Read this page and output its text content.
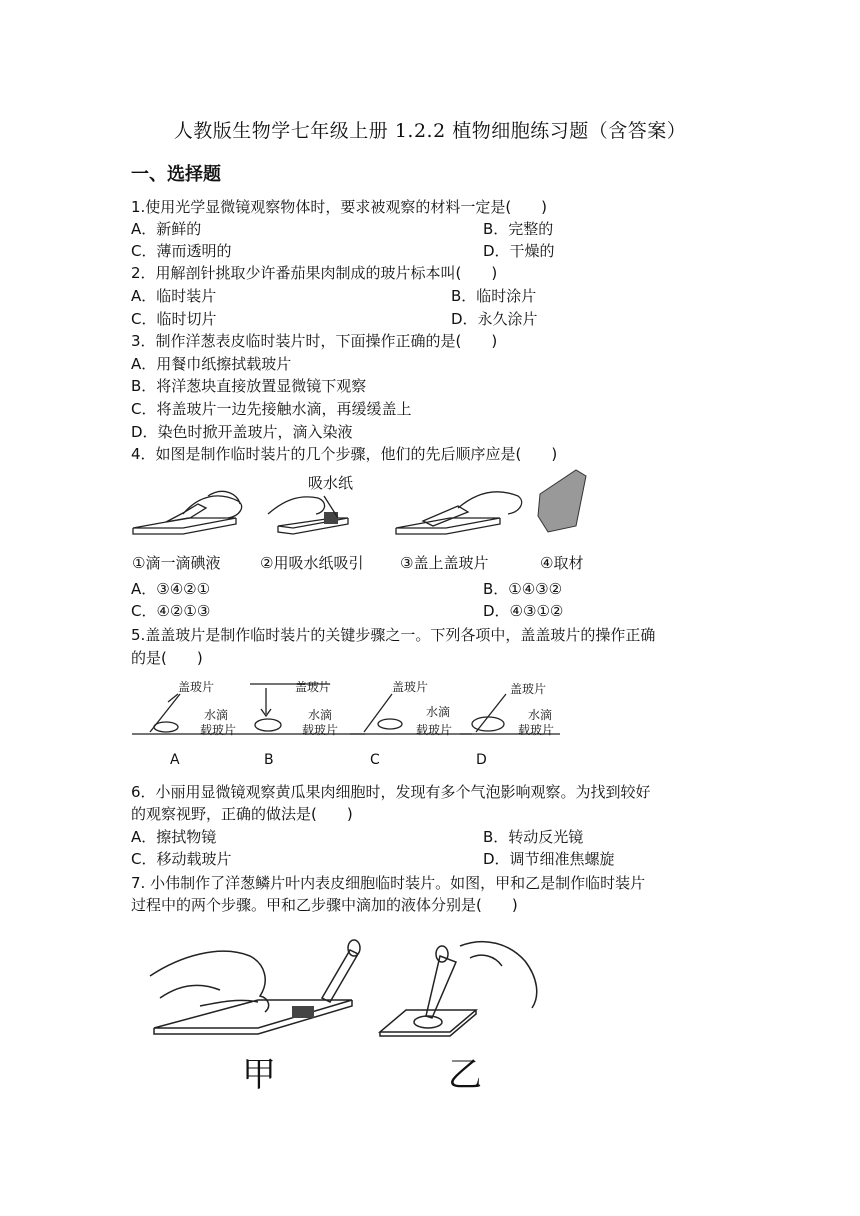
人教版生物学七年级上册 1.2.2 植物细胞练习题（含答案）
一、选择题
1.使用光学显微镜观察物体时，要求被观察的材料一定是(　　)
A．新鲜的	B．完整的
C．薄而透明的	D．干燥的
2．用解剖针挑取少许番茄果肉制成的玻片标本叫(　　)
A．临时装片	B．临时涂片
C．临时切片	D．永久涂片
3．制作洋葱表皮临时装片时，下面操作正确的是(　　)
A．用餐巾纸擦拭载玻片
B．将洋葱块直接放置显微镜下观察
C．将盖玻片一边先接触水滴，再缓缓盖上
D．染色时掀开盖玻片，滴入染液
4．如图是制作临时装片的几个步骤，他们的先后顺序应是(　　)
吸水纸
①滴一滴碘液	②用吸水纸吸引 ③盖上盖玻片	④取材
A．③④②①	B．①④③②
C．④②①③	D．④③①②
5.盖盖玻片是制作临时装片的关键步骤之一。下列各项中，盖盖玻片的操作正确
的是(　　)
盖玻片
水滴
载玻片
盖玻片
水滴
载玻片
盖玻片
水滴
载玻片
盖玻片
水滴
载玻片
A	B	C	D
6．小丽用显微镜观察黄瓜果肉细胞时，发现有多个气泡影响观察。为找到较好
的观察视野，正确的做法是(　　)
A．擦拭物镜	B．转动反光镜
C．移动载玻片	D．调节细准焦螺旋
7. 小伟制作了洋葱鳞片叶内表皮细胞临时装片。如图，甲和乙是制作临时装片
过程中的两个步骤。甲和乙步骤中滴加的液体分别是(　　)
甲	乙
